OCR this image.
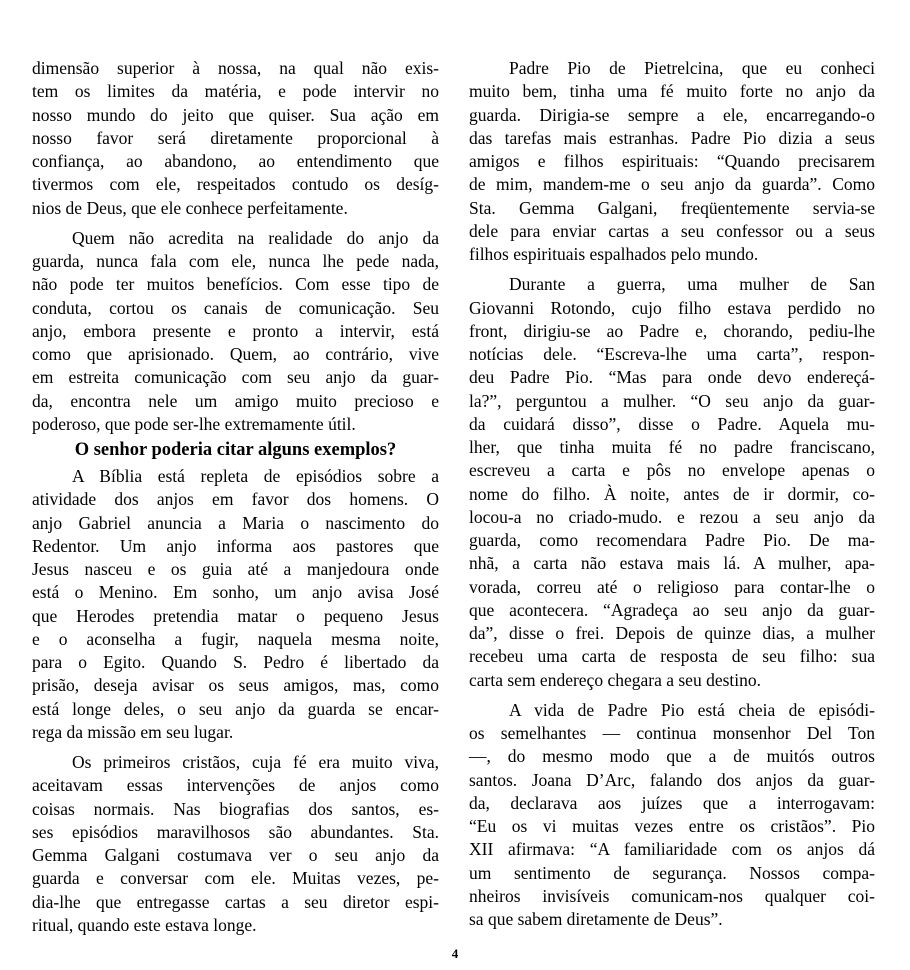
dimensão superior à nossa, na qual não exis-
tem os limites da matéria, e pode intervir no
nosso mundo do jeito que quiser. Sua ação em
nosso favor será diretamente proporcional à
confiança, ao abandono, ao entendimento que
tivermos com ele, respeitados contudo os desíg-
nios de Deus, que ele conhece perfeitamente.
Quem não acredita na realidade do anjo da
guarda, nunca fala com ele, nunca lhe pede nada,
não pode ter muitos benefícios. Com esse tipo de
conduta, cortou os canais de comunicação. Seu
anjo, embora presente e pronto a intervir, está
como que aprisionado. Quem, ao contrário, vive
em estreita comunicação com seu anjo da guar-
da, encontra nele um amigo muito precioso e
poderoso, que pode ser-lhe extremamente útil.
O senhor poderia citar alguns exemplos?
A Bíblia está repleta de episódios sobre a
atividade dos anjos em favor dos homens. O
anjo Gabriel anuncia a Maria o nascimento do
Redentor. Um anjo informa aos pastores que
Jesus nasceu e os guia até a manjedoura onde
está o Menino. Em sonho, um anjo avisa José
que Herodes pretendia matar o pequeno Jesus
e o aconselha a fugir, naquela mesma noite,
para o Egito. Quando S. Pedro é libertado da
prisão, deseja avisar os seus amigos, mas, como
está longe deles, o seu anjo da guarda se encar-
rega da missão em seu lugar.
Os primeiros cristãos, cuja fé era muito viva,
aceitavam essas intervenções de anjos como
coisas normais. Nas biografias dos santos, es-
ses episódios maravilhosos são abundantes. Sta.
Gemma Galgani costumava ver o seu anjo da
guarda e conversar com ele. Muitas vezes, pe-
dia-lhe que entregasse cartas a seu diretor espi-
ritual, quando este estava longe.
Padre Pio de Pietrelcina, que eu conheci
muito bem, tinha uma fé muito forte no anjo da
guarda. Dirigia-se sempre a ele, encarregando-o
das tarefas mais estranhas. Padre Pio dizia a seus
amigos e filhos espirituais: “Quando precisarem
de mim, mandem-me o seu anjo da guarda”. Como
Sta. Gemma Galgani, freqüentemente servia-se
dele para enviar cartas a seu confessor ou a seus
filhos espirituais espalhados pelo mundo.
Durante a guerra, uma mulher de San
Giovanni Rotondo, cujo filho estava perdido no
front, dirigiu-se ao Padre e, chorando, pediu-lhe
notícias dele. “Escreva-lhe uma carta”, respon-
deu Padre Pio. “Mas para onde devo endereçá-
la?”, perguntou a mulher. “O seu anjo da guar-
da cuidará disso”, disse o Padre. Aquela mu-
lher, que tinha muita fé no padre franciscano,
escreveu a carta e pôs no envelope apenas o
nome do filho. À noite, antes de ir dormir, co-
locou-a no criado-mudo. e rezou a seu anjo da
guarda, como recomendara Padre Pio. De ma-
nhã, a carta não estava mais lá. A mulher, apa-
vorada, correu até o religioso para contar-lhe o
que acontecera. “Agradeça ao seu anjo da guar-
da”, disse o frei. Depois de quinze dias, a mulher
recebeu uma carta de resposta de seu filho: sua
carta sem endereço chegara a seu destino.
A vida de Padre Pio está cheia de episódi-
os semelhantes — continua monsenhor Del Ton
—, do mesmo modo que a de muitós outros
santos. Joana D’Arc, falando dos anjos da guar-
da, declarava aos juízes que a interrogavam:
“Eu os vi muitas vezes entre os cristãos”. Pio
XII afirmava: “A familiaridade com os anjos dá
um sentimento de segurança. Nossos compa-
nheiros invisíveis comunicam-nos qualquer coi-
sa que sabem diretamente de Deus”.
4
